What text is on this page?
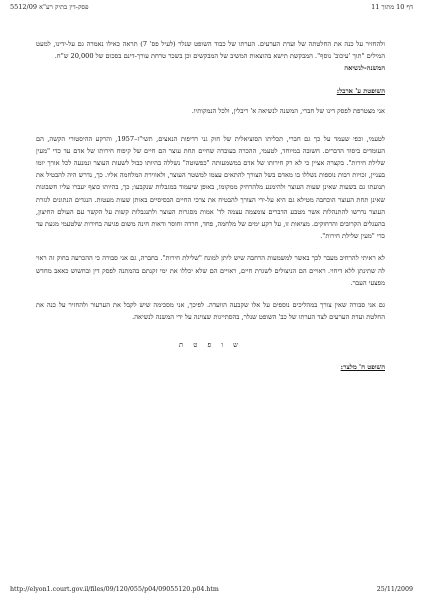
דף 10 מתוך 11
פסק-דין בתיק רע"א 5512/09

ולהחזיר על כנה את החלטתה של ועדת הערעים. הערתו של כבוד השופט שנלר (לעיל פס' 7) תראה כאילו נאמרה גם על-ידינו, למעט המילים "תוך 'עיכוב' נוסף". המבקשת תישא בהוצאות המשיב של המבקשים וכן בשכר טרחת עורך-דינם בסכום של 20,000 ש"ח.

המשנה-לנשיאה

השופטת ע' ארבל:

אני מצטרפת לפסק דינו של חברי, המשנה לנשיאה א' ריבלין, ולכל הנמקותיו.

לטעמי, וכפי שעמד על כך גם חברי, תכליתו הסוציאלית של חוק גני רדיפות הנאצים, תשי"ז–1957, והרקע ההיסטורי הקשה, הם העומדים ביסוד הדברים. חשובה במיוחד, לטעמי, ההכרה בעובדה שחיים תחת עוצר הם חיים של קיפוח חירותו של אדם עד כדי "מעין שלילת חירות". בקצרה אציין כי לא רק חירותו של אדם במשמעותה "כפשוטה" נשללה בהיותו כבול לשעות העוצר ונמנעה לכל אורך יומו בעניין, זכויות רבות נוספות נשללו בו מאדם בשל הצורך להתאים עצמו למשטר העוצר, ולאווירת המלחמה אליו. כך, נדרש היה להבטיל את תנועתו גם בשעות שאינן שעות העוצר ולהימנע מלהרחיק ממקומו, באופן שיעמוד במגבלות שנקבעו; כך, בהיותו כוצף יעברו עליו חשבונות שאינן תחת העוצר הוכחבה מטילא גם היא על-ידי הצורך להבטיח את צרכי החיים הבסיסיים באותן שעות מעטות. הנגדים הנתונים לגזרת העוצר נדרשו להתנהלות אשר מטבע הדברים צומצמה עצמה לד' אמות מסגרות העוצר ולתנגבלות קשות על הקשר עם העולם החיצון, בהעגלים הקרובים והרחוקים. מציאות זו, על רקע ימים של מלחמה, פחד, חרדה וחוסר ודאות חינה משום פגיעה בחירות שלטעמי מגעת עד כדי "מעין שלילת חירות".

לא ראיתי להרחיב מעבר לכך באשר למשמעות הרחבה שיש ליתן למונח "שלילת חירות". בחברה, גם אני סבורה כי ההכרעה בחוק זה ראוי לה שתינתן ללא דיחוי. ראויים הם הניצולים לשגרת חיים, ראויים הם שלא יכללו את ימי זקנתם בהמתנה לפסק דין ובחשוש כאאב מחדש מפצעי העבר.

גם אני סבורה שאין צורך במהליכים נוספים על אלו שקבעה הוועדה. לפיכך, אני מסכימה שיש לקבל את הערעור ולהחזיר על כנה את החלטת ועדת הערעים לצד הערתו של כב' השופט שנלר, בהסתייגות שצוינה על ידי המשנה לנשיאה.

ש ו פ ט ת

השופט ח' מלצר:

http://elyon1.court.gov.il/files/09/120/055/p04/09055120.p04.htm	25/11/2009
